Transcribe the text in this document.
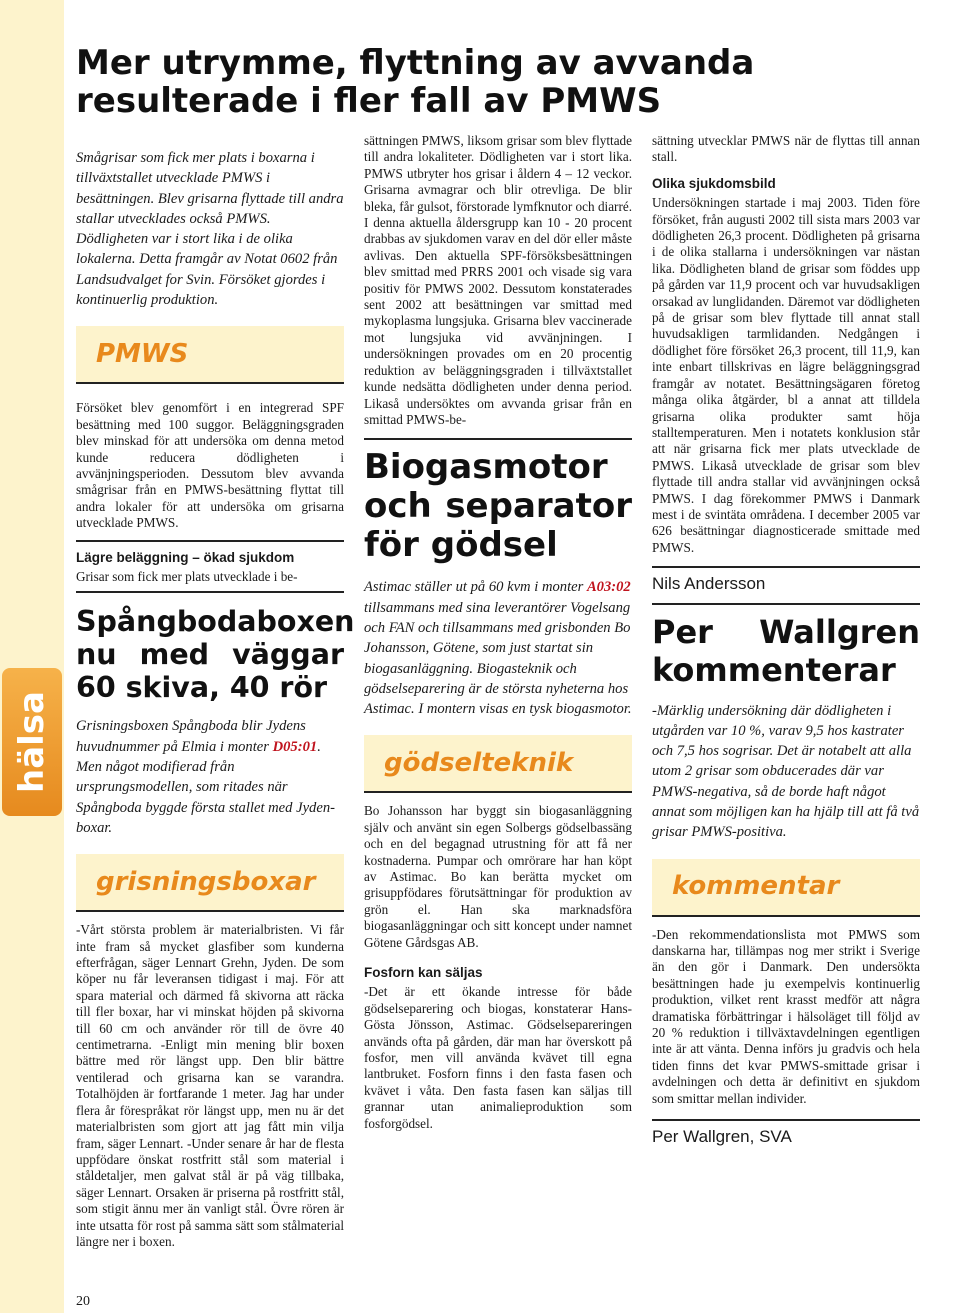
hälsa
20
Mer utrymme, flyttning av avvanda resulterade i fler fall av PMWS

Smågrisar som fick mer plats i boxarna i tillväxtstallet utvecklade PMWS i besättningen. Blev grisarna flyttade till andra stallar utvecklades också PMWS. Dödligheten var i stort lika i de olika lokalerna. Detta framgår av Notat 0602 från Landsudvalget for Svin. Försöket gjordes i kontinuerlig produktion.

PMWS

Försöket blev genomfört i en integrerad SPF besättning med 100 suggor. Beläggningsgraden blev minskad för att undersöka om denna metod kunde reducera dödligheten i avvänjningsperioden. Dessutom blev avvanda smågrisar från en PMWS-besättning flyttat till andra lokaler för att undersöka om grisarna utvecklade PMWS.

Lägre beläggning – ökad sjukdom

Grisar som fick mer plats utvecklade i be-

Spångbodaboxen nu med väggar 60 skiva, 40 rör

Grisningsboxen Spångboda blir Jydens huvudnummer på Elmia i monter D05:01. Men något modifierad från ursprungsmodellen, som ritades när Spångboda byggde första stallet med Jyden-boxar.

grisningsboxar

-Vårt största problem är materialbristen. Vi får inte fram så mycket glasfiber som kunderna efterfrågan, säger Lennart Grehn, Jyden. De som köper nu får leveransen tidigast i maj. För att spara material och därmed få skivorna att räcka till fler boxar, har vi minskat höjden på skivorna till 60 cm och använder rör till de övre 40 centimetrarna. -Enligt min mening blir boxen bättre med rör längst upp. Den blir bättre ventilerad och grisarna kan se varandra. Totalhöjden är fortfarande 1 meter. Jag har under flera år förespråkat rör längst upp, men nu är det materialbristen som gjort att jag fått min vilja fram, säger Lennart. -Under senare år har de flesta uppfödare önskat rostfritt stål som material i ståldetaljer, men galvat stål är på väg tillbaka, säger Lennart. Orsaken är priserna på rostfritt stål, som stigit ännu mer än vanligt stål. Övre rören är inte utsatta för rost på samma sätt som stålmaterial längre ner i boxen.

sättningen PMWS, liksom grisar som blev flyttade till andra lokaliteter. Dödligheten var i stort lika. PMWS utbryter hos grisar i åldern 4 – 12 veckor. Grisarna avmagrar och blir otrevliga. De blir bleka, får gulsot, förstorade lymfknutor och diarré. I denna aktuella åldersgrupp kan 10 - 20 procent drabbas av sjukdomen varav en del dör eller måste avlivas. Den aktuella SPF-försöksbesättningen blev smittad med PRRS 2001 och visade sig vara positiv för PMWS 2002. Dessutom konstaterades sent 2002 att besättningen var smittad med mykoplasma lungsjuka. Grisarna blev vaccinerade mot lungsjuka vid avvänjningen. I undersökningen provades om en 20 procentig reduktion av beläggningsgraden i tillväxtstallet kunde nedsätta dödligheten under denna period. Likaså undersöktes om avvanda grisar från en smittad PMWS-be-

Biogasmotor och separator för gödsel

Astimac ställer ut på 60 kvm i monter A03:02 tillsammans med sina leverantörer Vogelsang och FAN och tillsammans med grisbonden Bo Johansson, Götene, som just startat sin biogasanläggning. Biogasteknik och gödselseparering är de största nyheterna hos Astimac. I montern visas en tysk biogasmotor.

gödselteknik

Bo Johansson har byggt sin biogasanläggning själv och använt sin egen Solbergs gödselbassäng och en del begagnad utrustning för att få ner kostnaderna. Pumpar och omrörare har han köpt av Astimac. Bo kan berätta mycket om grisuppfödares förutsättningar för produktion av grön el. Han ska marknadsföra biogasanläggningar och sitt koncept under namnet Götene Gårdsgas AB.

Fosforn kan säljas

-Det är ett ökande intresse för både gödselseparering och biogas, konstaterar Hans-Gösta Jönsson, Astimac. Gödselsepareringen används ofta på gården, där man har överskott på fosfor, men vill använda kvävet till egna lantbruket. Fosforn finns i den fasta fasen och kvävet i våta. Den fasta fasen kan säljas till grannar utan animalieproduktion som fosforgödsel.

sättning utvecklar PMWS när de flyttas till annan stall.

Olika sjukdomsbild

Undersökningen startade i maj 2003. Tiden före försöket, från augusti 2002 till sista mars 2003 var dödligheten 26,3 procent. Dödligheten på grisarna i de olika stallarna i undersökningen var nästan lika. Dödligheten bland de grisar som föddes upp på gården var 11,9 procent och var huvudsakligen orsakad av lunglidanden. Däremot var dödligheten på de grisar som blev flyttade till annat stall huvudsakligen tarmlidanden. Nedgången i dödlighet före försöket 26,3 procent, till 11,9, kan inte enbart tillskrivas en lägre beläggningsgrad framgår av notatet. Besättningsägaren företog många olika åtgärder, bl a annat att tilldela grisarna olika produkter samt höja stalltemperaturen. Men i notatets konklusion står att när grisarna fick mer plats utvecklade de PMWS. Likaså utvecklade de grisar som blev flyttade till andra stallar vid avvänjningen också PMWS. I dag förekommer PMWS i Danmark mest i de svintäta områdena. I december 2005 var 626 besättningar diagnosticerade smittade med PMWS.

Nils Andersson
Per Wallgren kommenterar

-Märklig undersökning där dödligheten i utgården var 10 %, varav 9,5 hos kastrater och 7,5 hos sogrisar. Det är notabelt att alla utom 2 grisar som obducerades där var PMWS-negativa, så de borde haft något annat som möjligen kan ha hjälp till att få två grisar PMWS-positiva.

kommentar

-Den rekommendationslista mot PMWS som danskarna har, tillämpas nog mer strikt i Sverige än den gör i Danmark. Den undersökta besättningen hade ju exempelvis kontinuerlig produktion, vilket rent krasst medför att några dramatiska förbättringar i hälsoläget till följd av 20 % reduktion i tillväxtavdelningen egentligen inte är att vänta. Denna införs ju gradvis och hela tiden finns det kvar PMWS-smittade grisar i avdelningen och detta är definitivt en sjukdom som smittar mellan individer.

Per Wallgren, SVA
